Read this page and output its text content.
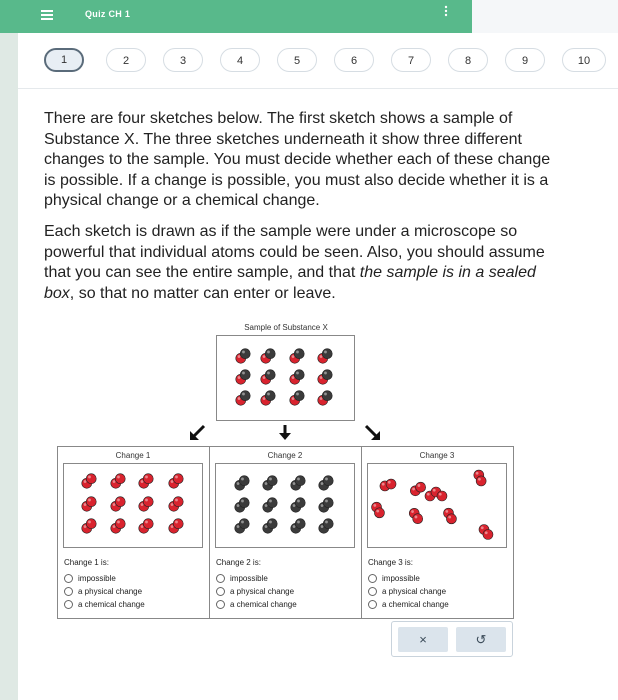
Quiz CH 1
1	2	3	4	5	6	7	8	9	10
There are four sketches below. The first sketch shows a sample of
Substance X. The three sketches underneath it show three different
changes to the sample. You must decide whether each of these change
is possible. If a change is possible, you must also decide whether it is a
physical change or a chemical change.
Each sketch is drawn as if the sample were under a microscope so
powerful that individual atoms could be seen. Also, you should assume
that you can see the entire sample, and that the sample is in a sealed
box, so that no matter can enter or leave.
Sample of Substance X
Change 1
Change 1 is:
impossible
a physical change
a chemical change
Change 2
Change 2 is:
impossible
a physical change
a chemical change
Change 3
Change 3 is:
impossible
a physical change
a chemical change
×	↺
